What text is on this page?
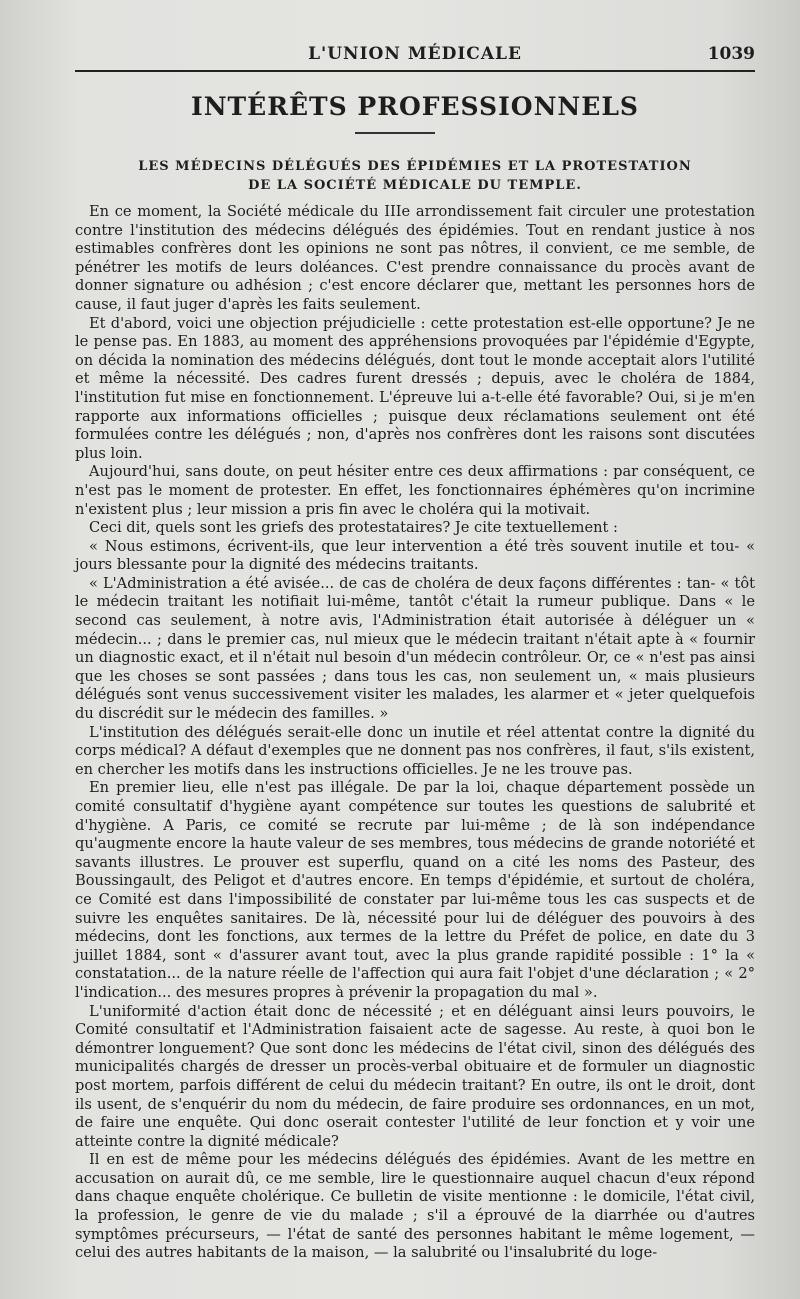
L'UNION MÉDICALE	1039
INTÉRÊTS PROFESSIONNELS
LES MÉDECINS DÉLÉGUÉS DES ÉPIDÉMIES ET LA PROTESTATION
DE LA SOCIÉTÉ MÉDICALE DU TEMPLE.

En ce moment, la Société médicale du IIIe arrondissement fait circuler une protestation contre l'institution des médecins délégués des épidémies. Tout en rendant justice à nos estimables confrères dont les opinions ne sont pas nôtres, il convient, ce me semble, de pénétrer les motifs de leurs doléances. C'est prendre connaissance du procès avant de donner signature ou adhésion ; c'est encore déclarer que, mettant les personnes hors de cause, il faut juger d'après les faits seulement.

Et d'abord, voici une objection préjudicielle : cette protestation est-elle opportune? Je ne le pense pas. En 1883, au moment des appréhensions provoquées par l'épidémie d'Egypte, on décida la nomination des médecins délégués, dont tout le monde acceptait alors l'utilité et même la nécessité. Des cadres furent dressés ; depuis, avec le choléra de 1884, l'institution fut mise en fonctionnement. L'épreuve lui a-t-elle été favorable? Oui, si je m'en rapporte aux informations officielles ; puisque deux réclamations seulement ont été formulées contre les délégués ; non, d'après nos confrères dont les raisons sont discutées plus loin.

Aujourd'hui, sans doute, on peut hésiter entre ces deux affirmations : par conséquent, ce n'est pas le moment de protester. En effet, les fonctionnaires éphémères qu'on incrimine n'existent plus ; leur mission a pris fin avec le choléra qui la motivait.

Ceci dit, quels sont les griefs des protestataires? Je cite textuellement :

« Nous estimons, écrivent-ils, que leur intervention a été très souvent inutile et tou- « jours blessante pour la dignité des médecins traitants.

« L'Administration a été avisée... de cas de choléra de deux façons différentes : tan- « tôt le médecin traitant les notifiait lui-même, tantôt c'était la rumeur publique. Dans « le second cas seulement, à notre avis, l'Administration était autorisée à déléguer un « médecin... ; dans le premier cas, nul mieux que le médecin traitant n'était apte à « fournir un diagnostic exact, et il n'était nul besoin d'un médecin contrôleur. Or, ce « n'est pas ainsi que les choses se sont passées ; dans tous les cas, non seulement un, « mais plusieurs délégués sont venus successivement visiter les malades, les alarmer et « jeter quelquefois du discrédit sur le médecin des familles. »

L'institution des délégués serait-elle donc un inutile et réel attentat contre la dignité du corps médical? A défaut d'exemples que ne donnent pas nos confrères, il faut, s'ils existent, en chercher les motifs dans les instructions officielles. Je ne les trouve pas.

En premier lieu, elle n'est pas illégale. De par la loi, chaque département possède un comité consultatif d'hygiène ayant compétence sur toutes les questions de salubrité et d'hygiène. A Paris, ce comité se recrute par lui-même ; de là son indépendance qu'augmente encore la haute valeur de ses membres, tous médecins de grande notoriété et savants illustres. Le prouver est superflu, quand on a cité les noms des Pasteur, des Boussingault, des Peligot et d'autres encore. En temps d'épidémie, et surtout de choléra, ce Comité est dans l'impossibilité de constater par lui-même tous les cas suspects et de suivre les enquêtes sanitaires. De là, nécessité pour lui de déléguer des pouvoirs à des médecins, dont les fonctions, aux termes de la lettre du Préfet de police, en date du 3 juillet 1884, sont « d'assurer avant tout, avec la plus grande rapidité possible : 1° la « constatation... de la nature réelle de l'affection qui aura fait l'objet d'une déclaration ; « 2° l'indication... des mesures propres à prévenir la propagation du mal ».

L'uniformité d'action était donc de nécessité ; et en déléguant ainsi leurs pouvoirs, le Comité consultatif et l'Administration faisaient acte de sagesse. Au reste, à quoi bon le démontrer longuement? Que sont donc les médecins de l'état civil, sinon des délégués des municipalités chargés de dresser un procès-verbal obituaire et de formuler un diagnostic post mortem, parfois différent de celui du médecin traitant? En outre, ils ont le droit, dont ils usent, de s'enquérir du nom du médecin, de faire produire ses ordonnances, en un mot, de faire une enquête. Qui donc oserait contester l'utilité de leur fonction et y voir une atteinte contre la dignité médicale?

Il en est de même pour les médecins délégués des épidémies. Avant de les mettre en accusation on aurait dû, ce me semble, lire le questionnaire auquel chacun d'eux répond dans chaque enquête cholérique. Ce bulletin de visite mentionne : le domicile, l'état civil, la profession, le genre de vie du malade ; s'il a éprouvé de la diarrhée ou d'autres symptômes précurseurs, — l'état de santé des personnes habitant le même logement, — celui des autres habitants de la maison, — la salubrité ou l'insalubrité du loge-
